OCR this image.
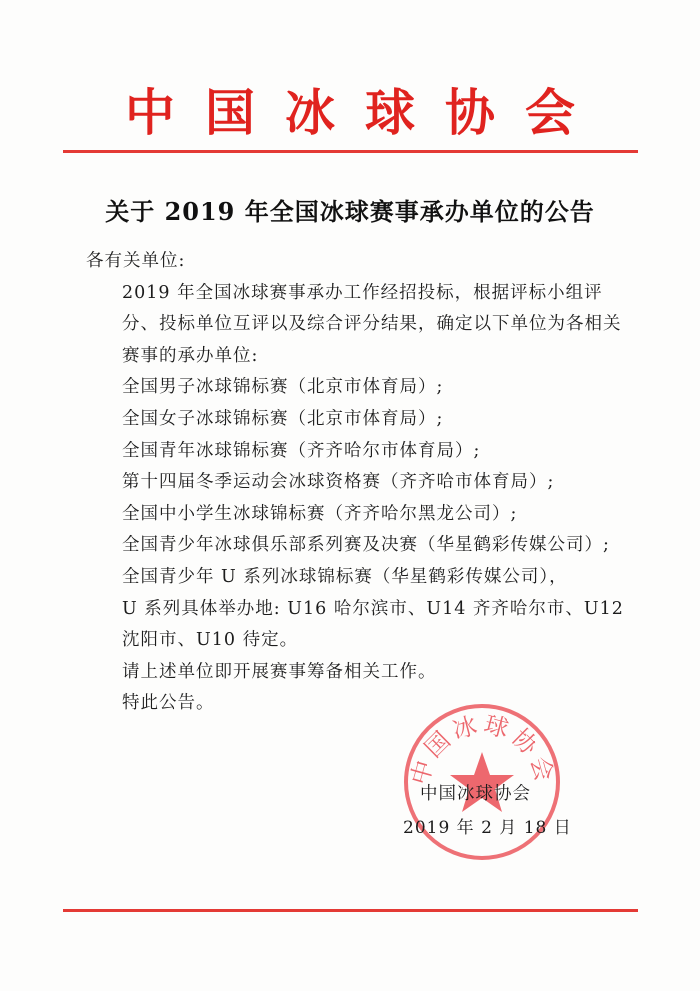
中国冰球协会
关于 2019 年全国冰球赛事承办单位的公告

各有关单位:

2019 年全国冰球赛事承办工作经招投标，根据评标小组评分、投标单位互评以及综合评分结果，确定以下单位为各相关赛事的承办单位:

全国男子冰球锦标赛（北京市体育局）;

全国女子冰球锦标赛（北京市体育局）;

全国青年冰球锦标赛（齐齐哈尔市体育局）;

第十四届冬季运动会冰球资格赛（齐齐哈市体育局）;

全国中小学生冰球锦标赛（齐齐哈尔黑龙公司）;

全国青少年冰球俱乐部系列赛及决赛（华星鹤彩传媒公司）;

全国青少年 U 系列冰球锦标赛（华星鹤彩传媒公司），

U 系列具体举办地: U16 哈尔滨市、U14 齐齐哈尔市、U12 沈阳市、U10 待定。

请上述单位即开展赛事筹备相关工作。

特此公告。

中国冰球协会
中国冰球协会
2019 年 2 月 18 日
